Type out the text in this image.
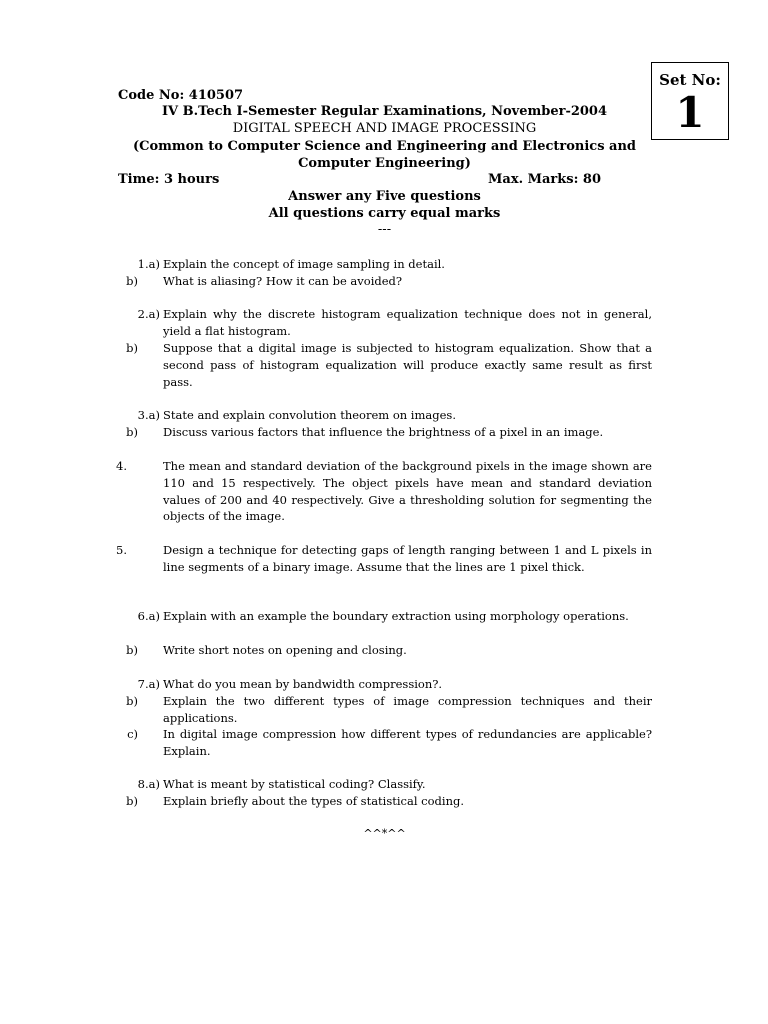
Set No:
1
Code No: 410507
IV B.Tech I-Semester Regular Examinations, November-2004
DIGITAL SPEECH AND IMAGE PROCESSING
(Common to Computer Science and Engineering and Electronics and Computer Engineering)
Time: 3 hours	Max. Marks: 80
Answer any Five questions
All questions carry equal marks
---
1.a) Explain the concept of image sampling in detail.
b) What is aliasing? How it can be avoided?
2.a) Explain why the discrete histogram equalization technique does not in general, yield a flat histogram.
b) Suppose that a digital image is subjected to histogram equalization. Show that a second pass of histogram equalization will produce exactly same result as first pass.
3.a) State and explain convolution theorem on images.
b) Discuss various factors that influence the brightness of a pixel in an image.
4.	The mean and standard deviation of the background pixels in the image shown are 110 and 15 respectively. The object pixels have mean and standard deviation values of 200 and 40 respectively. Give a thresholding solution for segmenting the objects of the image.
5.	Design a technique for detecting gaps of length ranging between 1 and L pixels in line segments of a binary image. Assume that the lines are 1 pixel thick.
6.a) Explain with an example the boundary extraction using morphology operations.
b) Write short notes on opening and closing.
7.a) What do you mean by bandwidth compression?.
b) Explain the two different types of image compression techniques and their applications.
c) In digital image compression how different types of redundancies are applicable? Explain.
8.a) What is meant by statistical coding? Classify.
b) Explain briefly about the types of statistical coding.
^^*^^
